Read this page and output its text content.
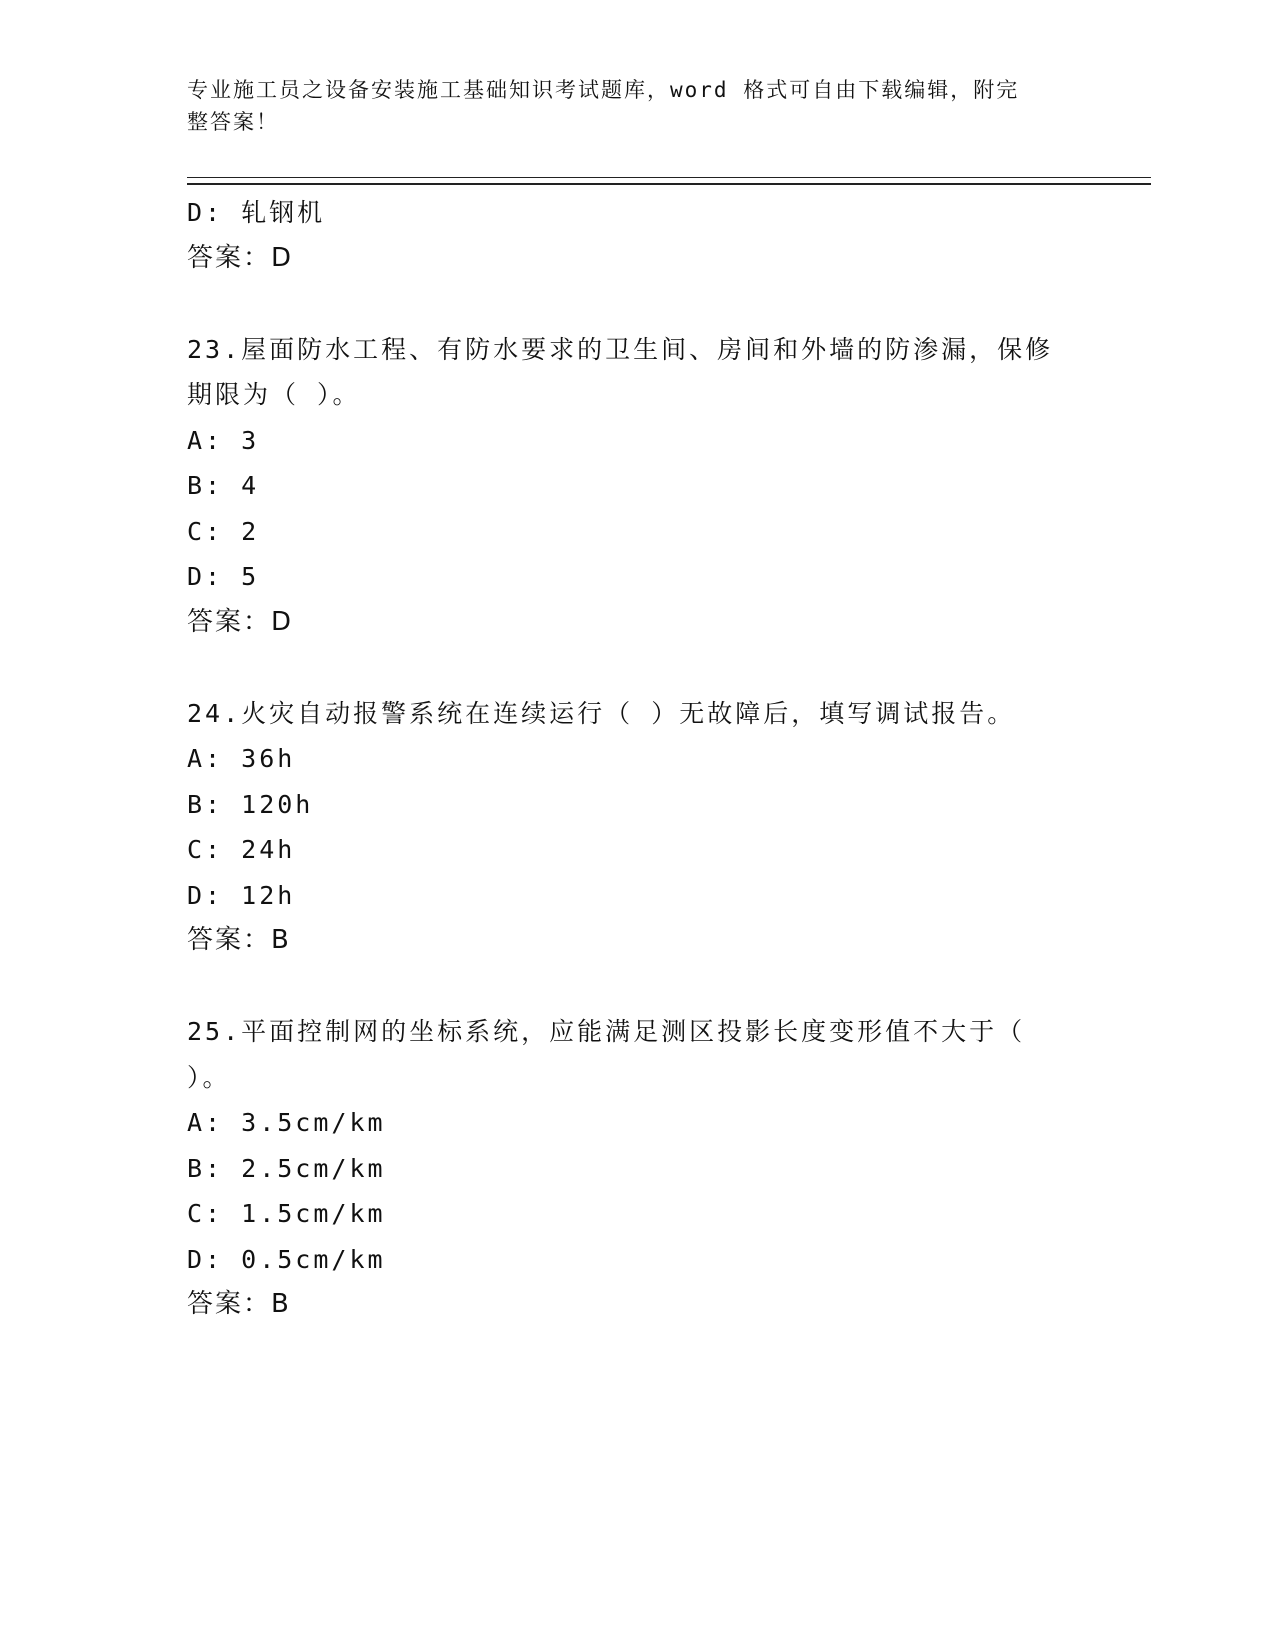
专业施工员之设备安装施工基础知识考试题库，word 格式可自由下载编辑，附完
整答案！
D: 轧钢机
答案：D
23.屋面防水工程、有防水要求的卫生间、房间和外墙的防渗漏，保修
期限为（ ）。
A: 3
B: 4
C: 2
D: 5
答案：D
24.火灾自动报警系统在连续运行（ ）无故障后，填写调试报告。
A: 36h
B: 120h
C: 24h
D: 12h
答案：B
25.平面控制网的坐标系统，应能满足测区投影长度变形值不大于（
）。
A: 3.5cm/km
B: 2.5cm/km
C: 1.5cm/km
D: 0.5cm/km
答案：B
